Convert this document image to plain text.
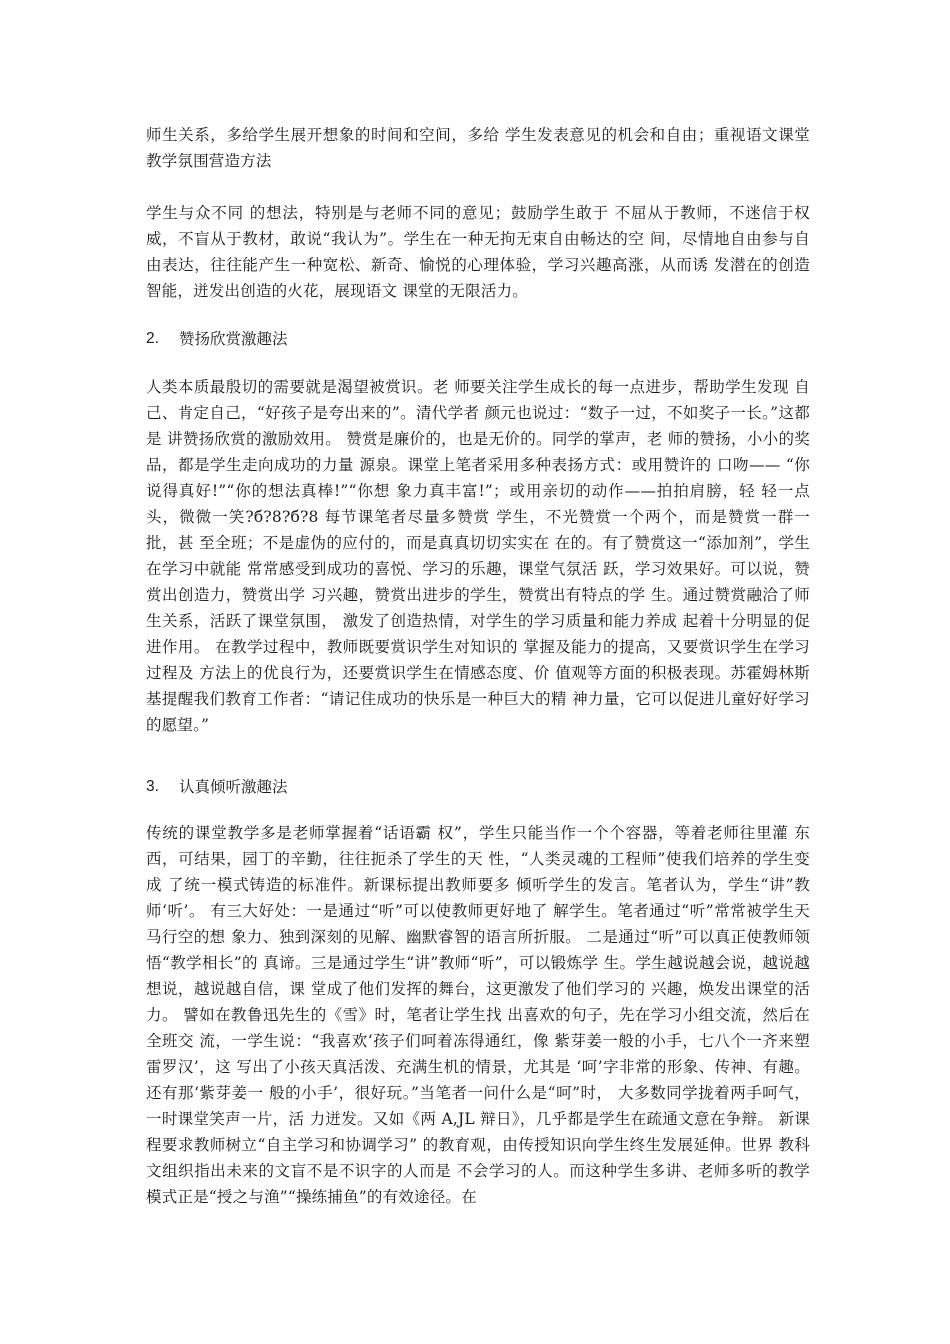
师生关系，多给学生展开想象的时间和空间，多给 学生发表意见的机会和自由；重视语文课堂教学氛围营造方法

学生与众不同 的想法，特别是与老师不同的意见；鼓励学生敢于 不屈从于教师，不迷信于权威，不盲从于教材，敢说“我认为”。学生在一种无拘无束自由畅达的空 间，尽情地自由参与自由表达，往往能产生一种宽松、新奇、愉悦的心理体验，学习兴趣高涨，从而诱 发潜在的创造智能，迸发出创造的火花，展现语文 课堂的无限活力。

2. 赞扬欣赏激趣法

人类本质最殷切的需要就是渴望被赏识。老 师要关注学生成长的每一点进步，帮助学生发现 自己、肯定自己，“好孩子是夸出来的”。清代学者 颜元也说过：“数子一过，不如奖子一长。”这都是 讲赞扬欣赏的激励效用。 赞赏是廉价的，也是无价的。同学的掌声，老 师的赞扬，小小的奖品，都是学生走向成功的力量 源泉。课堂上笔者采用多种表扬方式：或用赞许的 口吻—— “你说得真好!”“你的想法真棒!”“你想 象力真丰富!”；或用亲切的动作——拍拍肩膀，轻 轻一点头，微微一笑?б?8?б?8 每节课笔者尽量多赞赏 学生，不光赞赏一个两个，而是赞赏一群一批，甚 至全班；不是虚伪的应付的，而是真真切切实实在 在的。有了赞赏这一“添加剂”，学生在学习中就能 常常感受到成功的喜悦、学习的乐趣，课堂气氛活 跃，学习效果好。可以说，赞赏出创造力，赞赏出学 习兴趣，赞赏出进步的学生，赞赏出有特点的学 生。通过赞赏融洽了师生关系，活跃了课堂氛围， 激发了创造热情，对学生的学习质量和能力养成 起着十分明显的促进作用。 在教学过程中，教师既要赏识学生对知识的 掌握及能力的提高，又要赏识学生在学习过程及 方法上的优良行为，还要赏识学生在情感态度、价 值观等方面的积极表现。苏霍姆林斯基提醒我们教育工作者：“请记住成功的快乐是一种巨大的精 神力量，它可以促进儿童好好学习的愿望。”

3. 认真倾听激趣法

传统的课堂教学多是老师掌握着“话语霸 权”，学生只能当作一个个容器，等着老师往里灌 东西，可结果，园丁的辛勤，往往扼杀了学生的天 性，“人类灵魂的工程师”使我们培养的学生变成 了统一模式铸造的标准件。新课标提出教师要多 倾听学生的发言。笔者认为，学生“讲”教师‘听’。 有三大好处：一是通过“听”可以使教师更好地了 解学生。笔者通过“听”常常被学生天马行空的想 象力、独到深刻的见解、幽默睿智的语言所折服。 二是通过“听”可以真正使教师领悟“教学相长”的 真谛。三是通过学生“讲”教师“听”，可以锻炼学 生。学生越说越会说，越说越想说，越说越自信，课 堂成了他们发挥的舞台，这更激发了他们学习的 兴趣，焕发出课堂的活力。 譬如在教鲁迅先生的《雪》时，笔者让学生找 出喜欢的句子，先在学习小组交流，然后在全班交 流，一学生说：“我喜欢‘孩子们呵着冻得通红，像 紫芽姜一般的小手，七八个一齐来塑雷罗汉’，这 写出了小孩天真活泼、充满生机的情景，尤其是 ‘呵’字非常的形象、传神、有趣。还有那‘紫芽姜一 般的小手’，很好玩。”当笔者一问什么是“呵”时， 大多数同学拢着两手呵气，一时课堂笑声一片，活 力迸发。又如《两 A,JL 辩日》，几乎都是学生在疏通文意在争辩。 新课程要求教师树立“自主学习和协调学习” 的教育观，由传授知识向学生终生发展延伸。世界 教科文组织指出未来的文盲不是不识字的人而是 不会学习的人。而这种学生多讲、老师多听的教学 模式正是“授之与渔”“操练捕鱼”的有效途径。在
